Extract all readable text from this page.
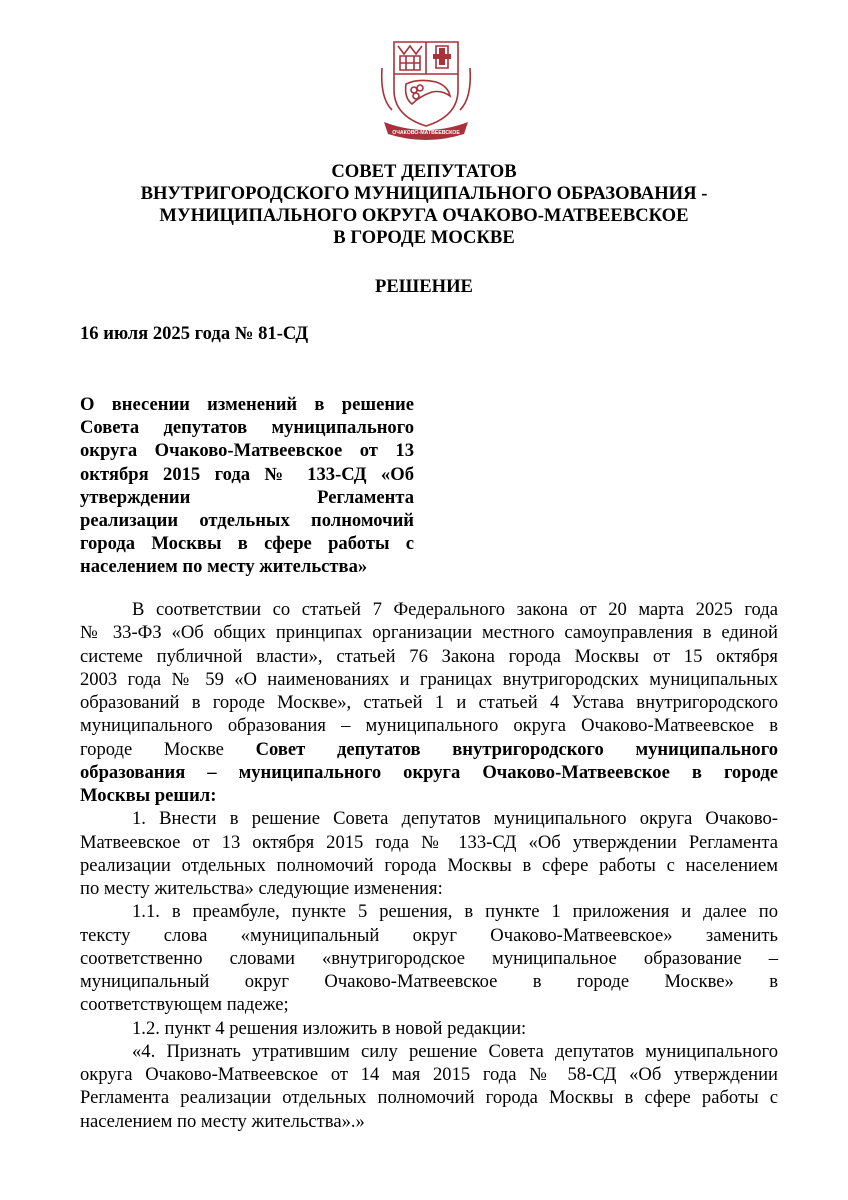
ОЧАКОВО-МАТВЕЕВСКОЕ
СОВЕТ ДЕПУТАТОВ
ВНУТРИГОРОДСКОГО МУНИЦИПАЛЬНОГО ОБРАЗОВАНИЯ -
МУНИЦИПАЛЬНОГО ОКРУГА ОЧАКОВО-МАТВЕЕВСКОЕ
В ГОРОДЕ МОСКВЕ
РЕШЕНИЕ
16 июля 2025 года № 81-СД
О внесении изменений в решение
Совета депутатов муниципального
округа Очаково-Матвеевское от 13
октября 2015 года № 133-СД «Об
утверждении Регламента
реализации отдельных полномочий
города Москвы в сфере работы с
населением по месту жительства»
В соответствии со статьей 7 Федерального закона от 20 марта 2025 года
№ 33-ФЗ «Об общих принципах организации местного самоуправления в единой
системе публичной власти», статьей 76 Закона города Москвы от 15 октября
2003 года № 59 «О наименованиях и границах внутригородских муниципальных
образований в городе Москве», статьей 1 и статьей 4 Устава внутригородского
муниципального образования – муниципального округа Очаково-Матвеевское в
городе Москве Совет депутатов внутригородского муниципального
образования – муниципального округа Очаково-Матвеевское в городе
Москвы решил:
1. Внести в решение Совета депутатов муниципального округа Очаково-
Матвеевское от 13 октября 2015 года № 133-СД «Об утверждении Регламента
реализации отдельных полномочий города Москвы в сфере работы с населением
по месту жительства» следующие изменения:
1.1. в преамбуле, пункте 5 решения, в пункте 1 приложения и далее по
тексту слова «муниципальный округ Очаково-Матвеевское» заменить
соответственно словами «внутригородское муниципальное образование –
муниципальный округ Очаково-Матвеевское в городе Москве» в
соответствующем падеже;
1.2. пункт 4 решения изложить в новой редакции:
«4. Признать утратившим силу решение Совета депутатов муниципального
округа Очаково-Матвеевское от 14 мая 2015 года № 58-СД «Об утверждении
Регламента реализации отдельных полномочий города Москвы в сфере работы с
населением по месту жительства».»
